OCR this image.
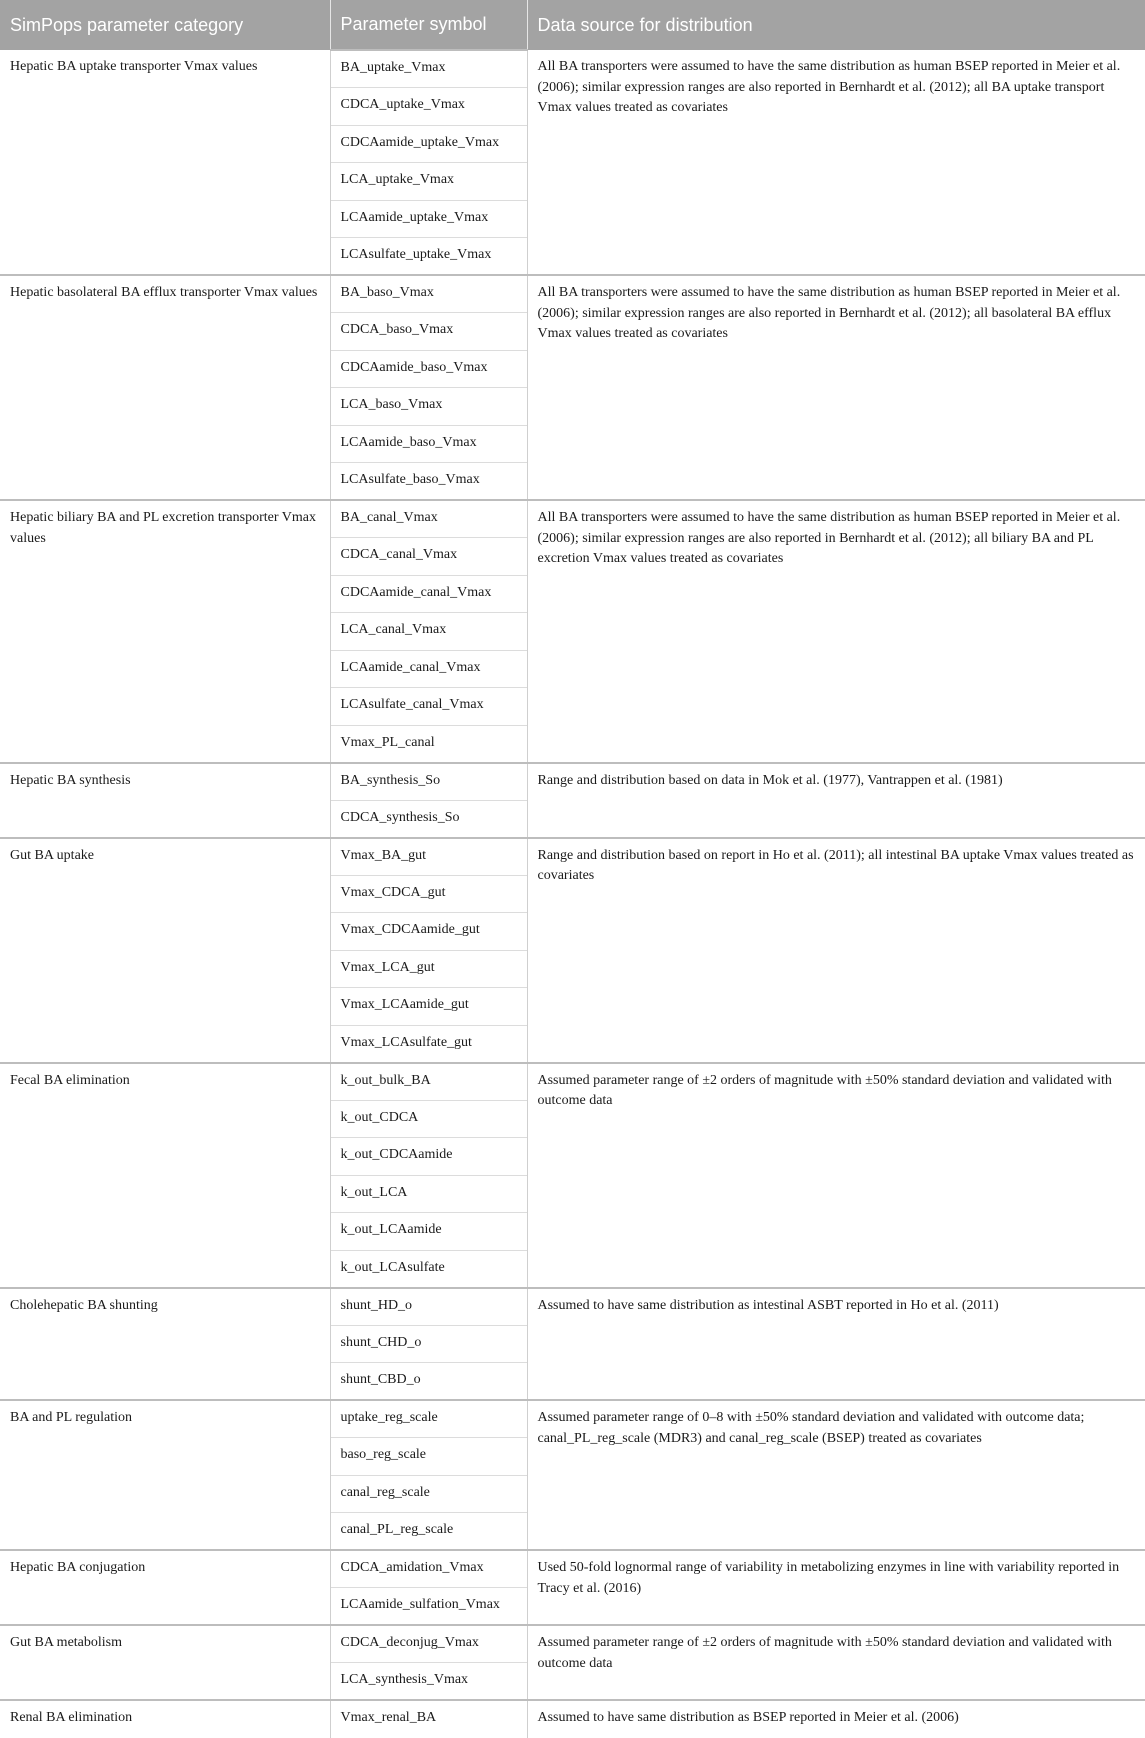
SimPops parameter category	Parameter symbol	Data source for distribution
Hepatic BA uptake transporter Vmax values	BA_uptake_Vmax	All BA transporters were assumed to have the same distribution as human BSEP reported in Meier et al. (2006); similar expression ranges are also reported in Bernhardt et al. (2012); all BA uptake transport Vmax values treated as covariates
	CDCA_uptake_Vmax	
	CDCAamide_uptake_Vmax	
	LCA_uptake_Vmax	
	LCAamide_uptake_Vmax	
	LCAsulfate_uptake_Vmax	
Hepatic basolateral BA efflux transporter Vmax values	BA_baso_Vmax	All BA transporters were assumed to have the same distribution as human BSEP reported in Meier et al. (2006); similar expression ranges are also reported in Bernhardt et al. (2012); all basolateral BA efflux Vmax values treated as covariates
	CDCA_baso_Vmax	
	CDCAamide_baso_Vmax	
	LCA_baso_Vmax	
	LCAamide_baso_Vmax	
	LCAsulfate_baso_Vmax	
Hepatic biliary BA and PL excretion transporter Vmax values	BA_canal_Vmax	All BA transporters were assumed to have the same distribution as human BSEP reported in Meier et al. (2006); similar expression ranges are also reported in Bernhardt et al. (2012); all biliary BA and PL excretion Vmax values treated as covariates
	CDCA_canal_Vmax	
	CDCAamide_canal_Vmax	
	LCA_canal_Vmax	
	LCAamide_canal_Vmax	
	LCAsulfate_canal_Vmax	
	Vmax_PL_canal	
Hepatic BA synthesis	BA_synthesis_So	Range and distribution based on data in Mok et al. (1977), Vantrappen et al. (1981)
	CDCA_synthesis_So	
Gut BA uptake	Vmax_BA_gut	Range and distribution based on report in Ho et al. (2011); all intestinal BA uptake Vmax values treated as covariates
	Vmax_CDCA_gut	
	Vmax_CDCAamide_gut	
	Vmax_LCA_gut	
	Vmax_LCAamide_gut	
	Vmax_LCAsulfate_gut	
Fecal BA elimination	k_out_bulk_BA	Assumed parameter range of ±2 orders of magnitude with ±50% standard deviation and validated with outcome data
	k_out_CDCA	
	k_out_CDCAamide	
	k_out_LCA	
	k_out_LCAamide	
	k_out_LCAsulfate	
Cholehepatic BA shunting	shunt_HD_o	Assumed to have same distribution as intestinal ASBT reported in Ho et al. (2011)
	shunt_CHD_o	
	shunt_CBD_o	
BA and PL regulation	uptake_reg_scale	Assumed parameter range of 0–8 with ±50% standard deviation and validated with outcome data; canal_PL_reg_scale (MDR3) and canal_reg_scale (BSEP) treated as covariates
	baso_reg_scale	
	canal_reg_scale	
	canal_PL_reg_scale	
Hepatic BA conjugation	CDCA_amidation_Vmax	Used 50-fold lognormal range of variability in metabolizing enzymes in line with variability reported in Tracy et al. (2016)
	LCAamide_sulfation_Vmax	
Gut BA metabolism	CDCA_deconjug_Vmax	Assumed parameter range of ±2 orders of magnitude with ±50% standard deviation and validated with outcome data
	LCA_synthesis_Vmax	
Renal BA elimination	Vmax_renal_BA	Assumed to have same distribution as BSEP reported in Meier et al. (2006)
